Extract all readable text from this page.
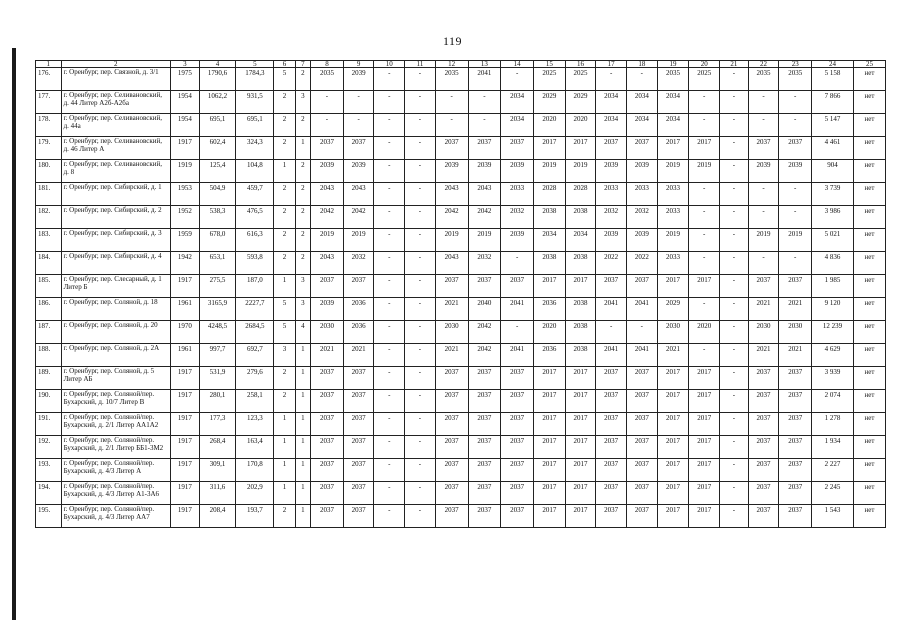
119
1	2	3	4	5	6	7	8	9	10	11	12	13	14	15	16	17	18	19	20	21	22	23	24	25
176.	г. Оренбург, пер. Связной, д. 3/1	1975	1790,6	1784,3	5	2	2035	2039	-	-	2035	2041	-	2025	2025	-	-	2035	2025	-	2035	2035	5 158	нет
177.	г. Оренбург, пер. Селивановский, д. 44 Литер А2б-А2ба	1954	1062,2	931,5	2	3	-	-	-	-	-	-	2034	2029	2029	2034	2034	2034	-	-	-	-	7 866	нет
178.	г. Оренбург, пер. Селивановский, д. 44а	1954	695,1	695,1	2	2	-	-	-	-	-	-	2034	2020	2020	2034	2034	2034	-	-	-	-	5 147	нет
179.	г. Оренбург, пер. Селивановский, д. 46 Литер А	1917	602,4	324,3	2	1	2037	2037	-	-	2037	2037	2037	2017	2017	2037	2037	2017	2017	-	2037	2037	4 461	нет
180.	г. Оренбург, пер. Селивановский, д. 8	1919	125,4	104,8	1	2	2039	2039	-	-	2039	2039	2039	2019	2019	2039	2039	2019	2019	-	2039	2039	904	нет
181.	г. Оренбург, пер. Сибирский, д. 1	1953	504,9	459,7	2	2	2043	2043	-	-	2043	2043	2033	2028	2028	2033	2033	2033	-	-	-	-	3 739	нет
182.	г. Оренбург, пер. Сибирский, д. 2	1952	538,3	476,5	2	2	2042	2042	-	-	2042	2042	2032	2038	2038	2032	2032	2033	-	-	-	-	3 986	нет
183.	г. Оренбург, пер. Сибирский, д. 3	1959	678,0	616,3	2	2	2019	2019	-	-	2019	2019	2039	2034	2034	2039	2039	2019	-	-	2019	2019	5 021	нет
184.	г. Оренбург, пер. Сибирский, д. 4	1942	653,1	593,8	2	2	2043	2032	-	-	2043	2032	-	2038	2038	2022	2022	2033	-	-	-	-	4 836	нет
185.	г. Оренбург, пер. Слесарный, д. 1 Литер Б	1917	275,5	187,0	1	3	2037	2037	-	-	2037	2037	2037	2017	2017	2037	2037	2017	2017	-	2037	2037	1 985	нет
186.	г. Оренбург, пер. Соляной, д. 18	1961	3165,9	2227,7	5	3	2039	2036	-	-	2021	2040	2041	2036	2038	2041	2041	2029	-	-	2021	2021	9 120	нет
187.	г. Оренбург, пер. Соляной, д. 20	1970	4248,5	2684,5	5	4	2030	2036	-	-	2030	2042	-	2020	2038	-	-	2030	2020	-	2030	2030	12 239	нет
188.	г. Оренбург, пер. Соляной, д. 2А	1961	997,7	692,7	3	1	2021	2021	-	-	2021	2042	2041	2036	2038	2041	2041	2021	-	-	2021	2021	4 629	нет
189.	г. Оренбург, пер. Соляной, д. 5 Литер АБ	1917	531,9	279,6	2	1	2037	2037	-	-	2037	2037	2037	2017	2017	2037	2037	2017	2017	-	2037	2037	3 939	нет
190.	г. Оренбург, пер. Соляной/пер. Бухарский, д. 10/7 Литер В	1917	280,1	258,1	2	1	2037	2037	-	-	2037	2037	2037	2017	2017	2037	2037	2017	2017	-	2037	2037	2 074	нет
191.	г. Оренбург, пер. Соляной/пер. Бухарский, д. 2/1 Литер АА1А2	1917	177,3	123,3	1	1	2037	2037	-	-	2037	2037	2037	2017	2017	2037	2037	2017	2017	-	2037	2037	1 278	нет
192.	г. Оренбург, пер. Соляной/пер. Бухарский, д. 2/1 Литер ББ1-3М2	1917	268,4	163,4	1	1	2037	2037	-	-	2037	2037	2037	2017	2017	2037	2037	2017	2017	-	2037	2037	1 934	нет
193.	г. Оренбург, пер. Соляной/пер. Бухарский, д. 4/3 Литер А	1917	309,1	170,8	1	1	2037	2037	-	-	2037	2037	2037	2017	2017	2037	2037	2017	2017	-	2037	2037	2 227	нет
194.	г. Оренбург, пер. Соляной/пер. Бухарский, д. 4/3 Литер А1-3А6	1917	311,6	202,9	1	1	2037	2037	-	-	2037	2037	2037	2017	2017	2037	2037	2017	2017	-	2037	2037	2 245	нет
195.	г. Оренбург, пер. Соляной/пер. Бухарский, д. 4/3 Литер АА7	1917	208,4	193,7	2	1	2037	2037	-	-	2037	2037	2037	2017	2017	2037	2037	2017	2017	-	2037	2037	1 543	нет
